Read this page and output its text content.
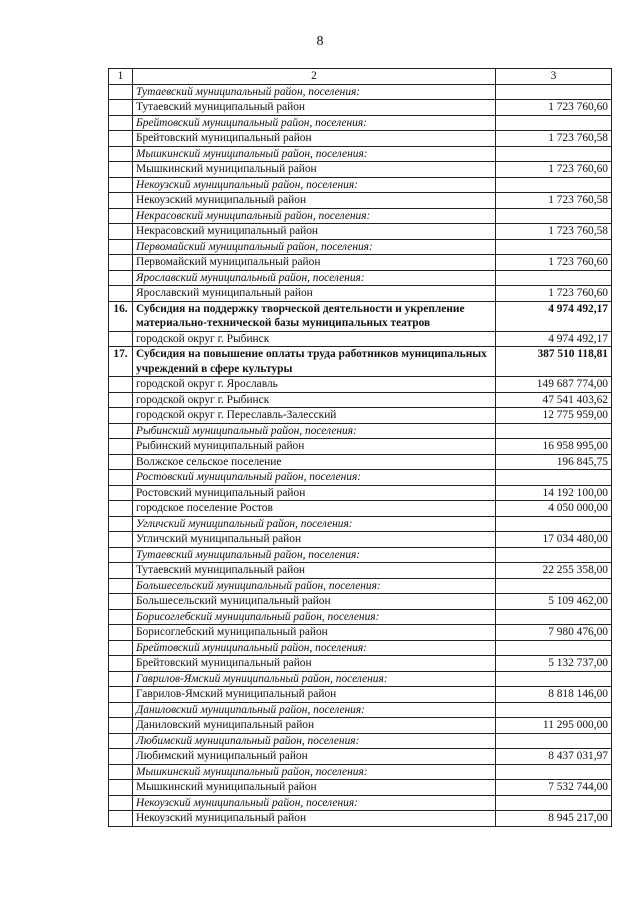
8
1	2	3
	Тутаевский муниципальный район, поселения:	
	Тутаевский муниципальный район	1 723 760,60
	Брейтовский муниципальный район, поселения:	
	Брейтовский муниципальный район	1 723 760,58
	Мышкинский муниципальный район, поселения:	
	Мышкинский муниципальный район	1 723 760,60
	Некоузский муниципальный район, поселения:	
	Некоузский муниципальный район	1 723 760,58
	Некрасовский муниципальный район, поселения:	
	Некрасовский муниципальный район	1 723 760,58
	Первомайский муниципальный район, поселения:	
	Первомайский муниципальный район	1 723 760,60
	Ярославский муниципальный район, поселения:	
	Ярославский муниципальный район	1 723 760,60
16.	Субсидия на поддержку творческой деятельности и укрепление материально-технической базы муниципальных театров	4 974 492,17
	городской округ г. Рыбинск	4 974 492,17
17.	Субсидия на повышение оплаты труда работников муниципальных учреждений в сфере культуры	387 510 118,81
	городской округ г. Ярославль	149 687 774,00
	городской округ г. Рыбинск	47 541 403,62
	городской округ г. Переславль-Залесский	12 775 959,00
	Рыбинский муниципальный район, поселения:	
	Рыбинский муниципальный район	16 958 995,00
	Волжское сельское поселение	196 845,75
	Ростовский муниципальный район, поселения:	
	Ростовский муниципальный район	14 192 100,00
	городское поселение Ростов	4 050 000,00
	Угличский муниципальный район, поселения:	
	Угличский муниципальный район	17 034 480,00
	Тутаевский муниципальный район, поселения:	
	Тутаевский муниципальный район	22 255 358,00
	Большесельский муниципальный район, поселения:	
	Большесельский муниципальный район	5 109 462,00
	Борисоглебский муниципальный район, поселения:	
	Борисоглебский муниципальный район	7 980 476,00
	Брейтовский муниципальный район, поселения:	
	Брейтовский муниципальный район	5 132 737,00
	Гаврилов-Ямский муниципальный район, поселения:	
	Гаврилов-Ямский муниципальный район	8 818 146,00
	Даниловский муниципальный район, поселения:	
	Даниловский муниципальный район	11 295 000,00
	Любимский муниципальный район, поселения:	
	Любимский муниципальный район	8 437 031,97
	Мышкинский муниципальный район, поселения:	
	Мышкинский муниципальный район	7 532 744,00
	Некоузский муниципальный район, поселения:	
	Некоузский муниципальный район	8 945 217,00
